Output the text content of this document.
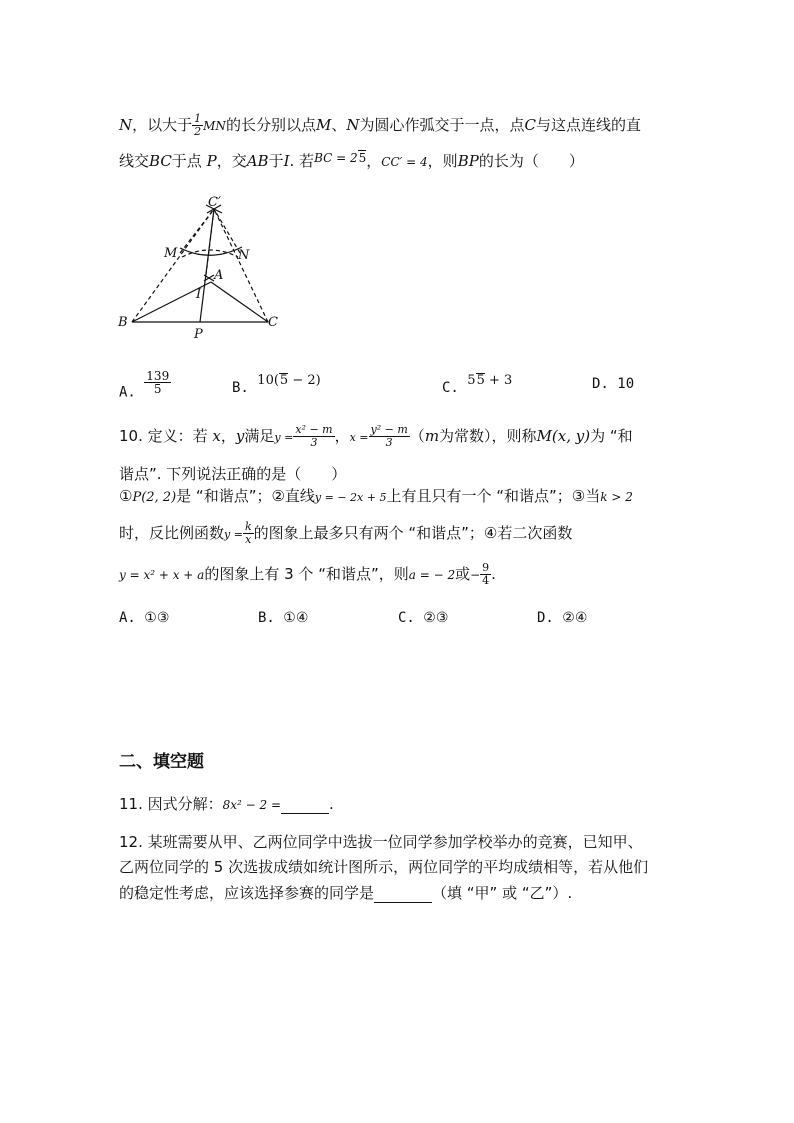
N，以大于 $\frac{1}{2}$ MN的长分别以点M、N为圆心作弧交于一点，点C与这点连线的直
线交BC于点 P，交AB于I. 若$^{BC = 2}$5，CC′ = 4，则BP的长为（　　）
C′
M	N
A
I
B
P
C
A. $\frac{139}{5}$	B. 10(5 − 2)	C. 55 + 3	D. 10
10. 定义：若 x，y满足$y = \frac{\text{x² − m}}{3}$ ，$x = \frac{\text{y² − m}}{3} (m$为常数），则称M(x, y)为 “和
谐点”. 下列说法正确的是（　　）
①P(2, 2)是 “和谐点”；②直线y = − 2x + 5上有且只有一个 “和谐点”；③当k > 2
时，反比例函数$y = \frac{k}{x}$ 的图象上最多只有两个 “和谐点”；④若二次函数
y = x² + x + a的图象上有 3 个 “和谐点”，则a = − 2或− $\frac{9}{4}$ .
A. ①③	B. ①④	C. ②③	D. ②④
二、填空题
11. 因式分解：8x² − 2 =	.
12. 某班需要从甲、乙两位同学中选拔一位同学参加学校举办的竞赛，已知甲、
乙两位同学的 5 次选拔成绩如统计图所示，两位同学的平均成绩相等，若从他们
的稳定性考虑，应该选择参赛的同学是	（填 “甲” 或 “乙”）.
